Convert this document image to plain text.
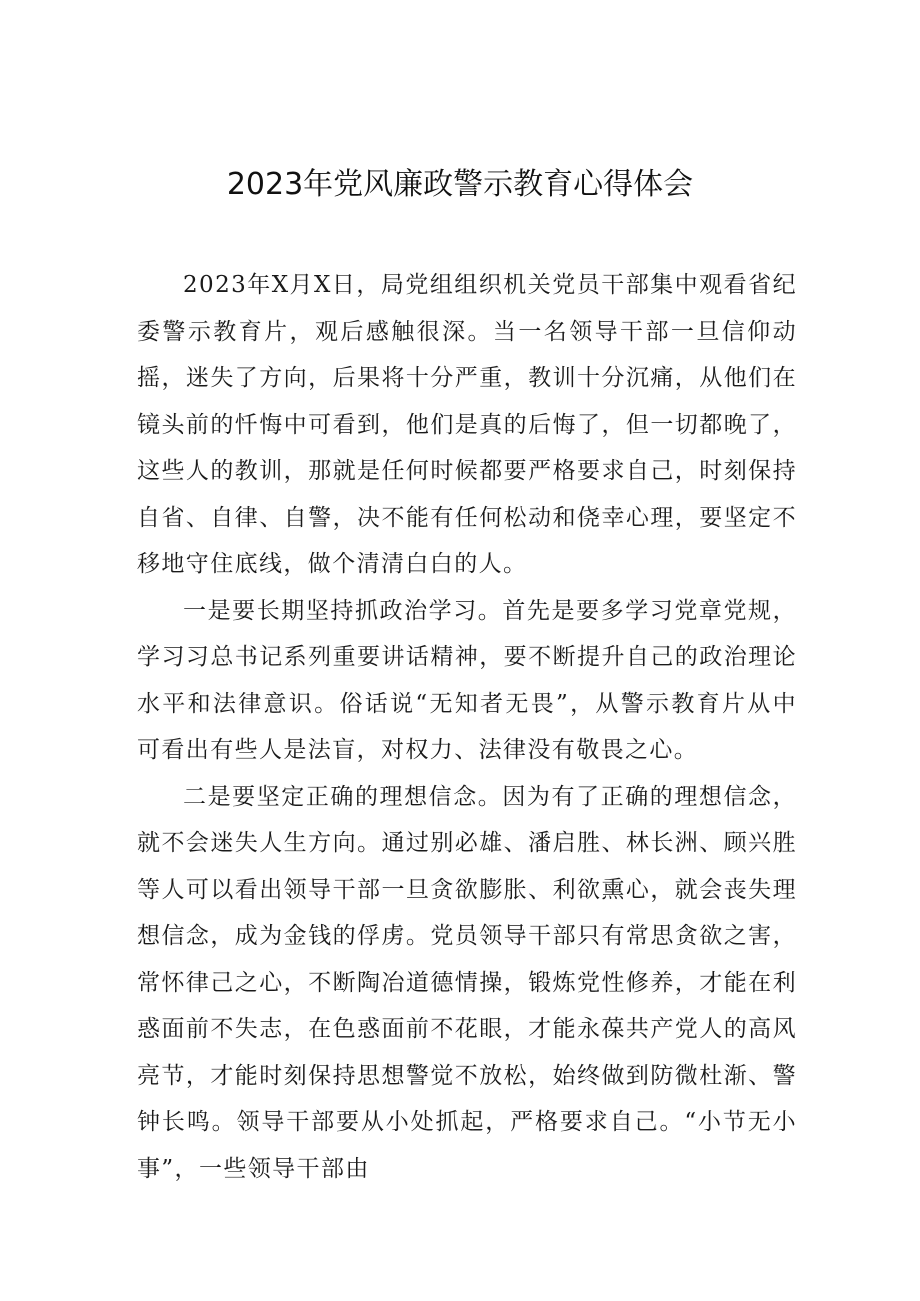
2023年党风廉政警示教育心得体会

2023年X月X日，局党组组织机关党员干部集中观看省纪委警示教育片，观后感触很深。当一名领导干部一旦信仰动摇，迷失了方向，后果将十分严重，教训十分沉痛，从他们在镜头前的忏悔中可看到，他们是真的后悔了，但一切都晚了，这些人的教训，那就是任何时候都要严格要求自己，时刻保持自省、自律、自警，决不能有任何松动和侥幸心理，要坚定不移地守住底线，做个清清白白的人。

一是要长期坚持抓政治学习。首先是要多学习党章党规，学习习总书记系列重要讲话精神，要不断提升自己的政治理论水平和法律意识。俗话说“无知者无畏”，从警示教育片从中可看出有些人是法盲，对权力、法律没有敬畏之心。

二是要坚定正确的理想信念。因为有了正确的理想信念，就不会迷失人生方向。通过别必雄、潘启胜、林长洲、顾兴胜等人可以看出领导干部一旦贪欲膨胀、利欲熏心，就会丧失理想信念，成为金钱的俘虏。党员领导干部只有常思贪欲之害，常怀律己之心，不断陶冶道德情操，锻炼党性修养，才能在利惑面前不失志，在色惑面前不花眼，才能永葆共产党人的高风亮节，才能时刻保持思想警觉不放松，始终做到防微杜渐、警钟长鸣。领导干部要从小处抓起，严格要求自己。“小节无小事”，一些领导干部由
